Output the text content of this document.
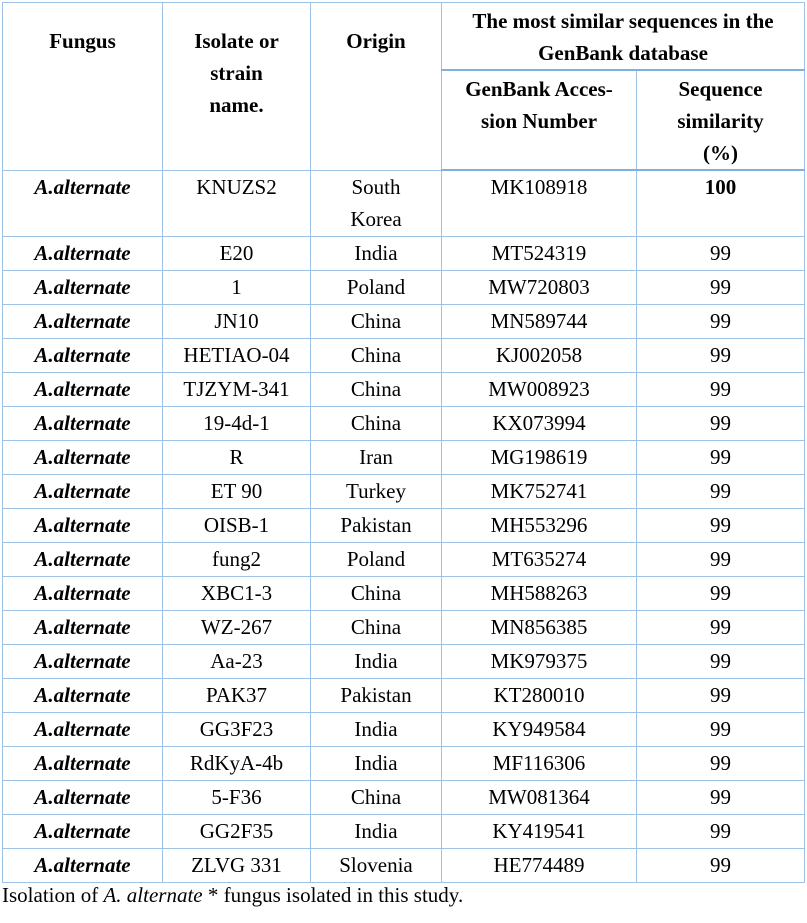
Fungus	Isolate or strain name.	Origin	The most similar sequences in the GenBank database	
			GenBank Acces-sion Number	Sequence similarity (%)
A.alternate	KNUZS2	South Korea	MK108918	100
A.alternate	E20	India	MT524319	99
A.alternate	1	Poland	MW720803	99
A.alternate	JN10	China	MN589744	99
A.alternate	HETIAO-04	China	KJ002058	99
A.alternate	TJZYM-341	China	MW008923	99
A.alternate	19-4d-1	China	KX073994	99
A.alternate	R	Iran	MG198619	99
A.alternate	ET 90	Turkey	MK752741	99
A.alternate	OISB-1	Pakistan	MH553296	99
A.alternate	fung2	Poland	MT635274	99
A.alternate	XBC1-3	China	MH588263	99
A.alternate	WZ-267	China	MN856385	99
A.alternate	Aa-23	India	MK979375	99
A.alternate	PAK37	Pakistan	KT280010	99
A.alternate	GG3F23	India	KY949584	99
A.alternate	RdKyA-4b	India	MF116306	99
A.alternate	5-F36	China	MW081364	99
A.alternate	GG2F35	India	KY419541	99
A.alternate	ZLVG 331	Slovenia	HE774489	99
Isolation of A. alternate * fungus isolated in this study.
